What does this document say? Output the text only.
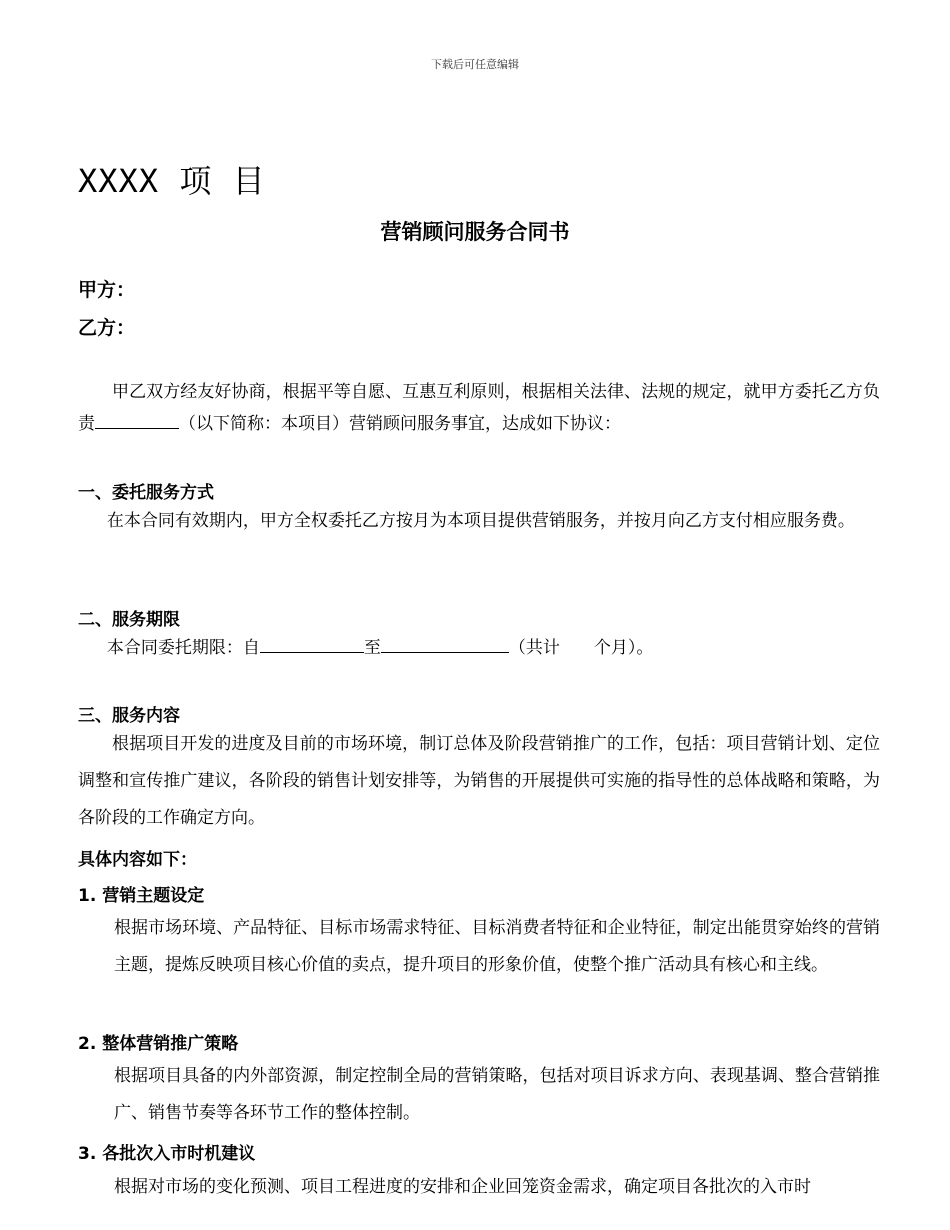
下载后可任意编辑
XXXX 项 目
营销顾问服务合同书
甲方：
乙方：
甲乙双方经友好协商，根据平等自愿、互惠互利原则，根据相关法律、法规的规定，就甲方委托乙方负责	（以下简称：本项目）营销顾问服务事宜，达成如下协议：
一、委托服务方式
在本合同有效期内，甲方全权委托乙方按月为本项目提供营销服务，并按月向乙方支付相应服务费。
二、服务期限
本合同委托期限：自	至	（共计　　个月）。
三、服务内容
根据项目开发的进度及目前的市场环境，制订总体及阶段营销推广的工作，包括：项目营销计划、定位调整和宣传推广建议，各阶段的销售计划安排等，为销售的开展提供可实施的指导性的总体战略和策略，为各阶段的工作确定方向。
具体内容如下：
1. 营销主题设定
根据市场环境、产品特征、目标市场需求特征、目标消费者特征和企业特征，制定出能贯穿始终的营销主题，提炼反映项目核心价值的卖点，提升项目的形象价值，使整个推广活动具有核心和主线。
2. 整体营销推广策略
根据项目具备的内外部资源，制定控制全局的营销策略，包括对项目诉求方向、表现基调、整合营销推广、销售节奏等各环节工作的整体控制。
3. 各批次入市时机建议
根据对市场的变化预测、项目工程进度的安排和企业回笼资金需求，确定项目各批次的入市时
